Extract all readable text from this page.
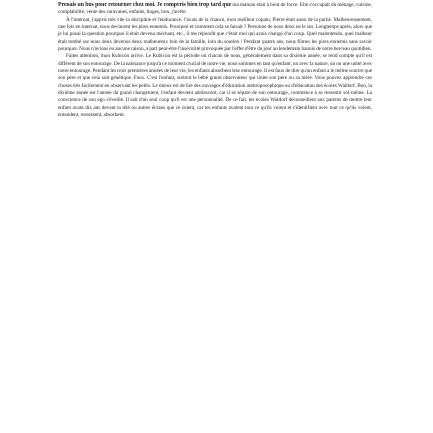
Prenais un bus pour retourner chez moi. Je comprris bien trop tard que ma maman était à bout de force. Elle s'occupait du ménage, cuisine, comptabilité, vente des caravanes, enfants, linges, bon, j'arrête.

À l'internat, j'appris très vite la discipline et l'endurance. J'avais de la chance, mon meilleur copain, Pierre était aussi de la partie. Malheureusement, une fois en internat, nous devinrent les pires ennemis. Pourquoi et comment cela se faisait ? Personne de nous deux ne le sut. Longtemps après, alors que je lui posai la question pourquoi il était devenu méchant, etc., il me répondit que c'était moi qui avais changé d'un coup. Quel malentendu, quel malheur était tombé sur nous deux devenus deux malheureux loin de la famille, loin du soutien ! Pendant quatre ans, nous fûmes les pires ennemis sans savoir pourquoi. Nous n'avions eu aucune raison, à part peut-être l'insécurité provoquée par l'effet d'être du jour au lendemain bannis de notre berceau quotidien.

Faites attention, mon Rubicon arrive. Le Rubicon est la période où chacun de nous, généralement dans sa dixième année, se rend compte qu'il est différent de son entourage. De la naissance jusqu'à ce moment crucial de notre vie, nous sommes en tant qu'enfant, un avec la nature, un ou une unité avec notre entourage. Pendant les trois premières années de leur vie, les enfants absorbent leur entourage. Il est faux de dire qu'un enfant a le même sourire que son père et que cela soit génétique. Faux. C'est l'enfant, surtout le bébé grand observateur qui imite son père ou sa mère. Vous pouvez apprendre ces choses très facilement en observant les petits. Le mieux est de lire des ouvrages d'éducation anthroposophique ou d'éducation des écoles Waldorf. Bon, la dixième année est l'année du grand changement, l'enfant devient adolescent, car il se sépare de son entourage, commence à se ressentir soi-même. La conscience de son ego s'éveille. Il sait d'un seul coup qu'il est une personnalité. De ce fait, les écoles Waldorf déconseillent aux parents de mettre leur enfant avant dix ans devant la télé ou autres écrans que ce soient, car les enfants avalent tout ce qu'ils voient et s'identifient avec tout ce qu'ils voient, entendent, ressentent, absorbent.
